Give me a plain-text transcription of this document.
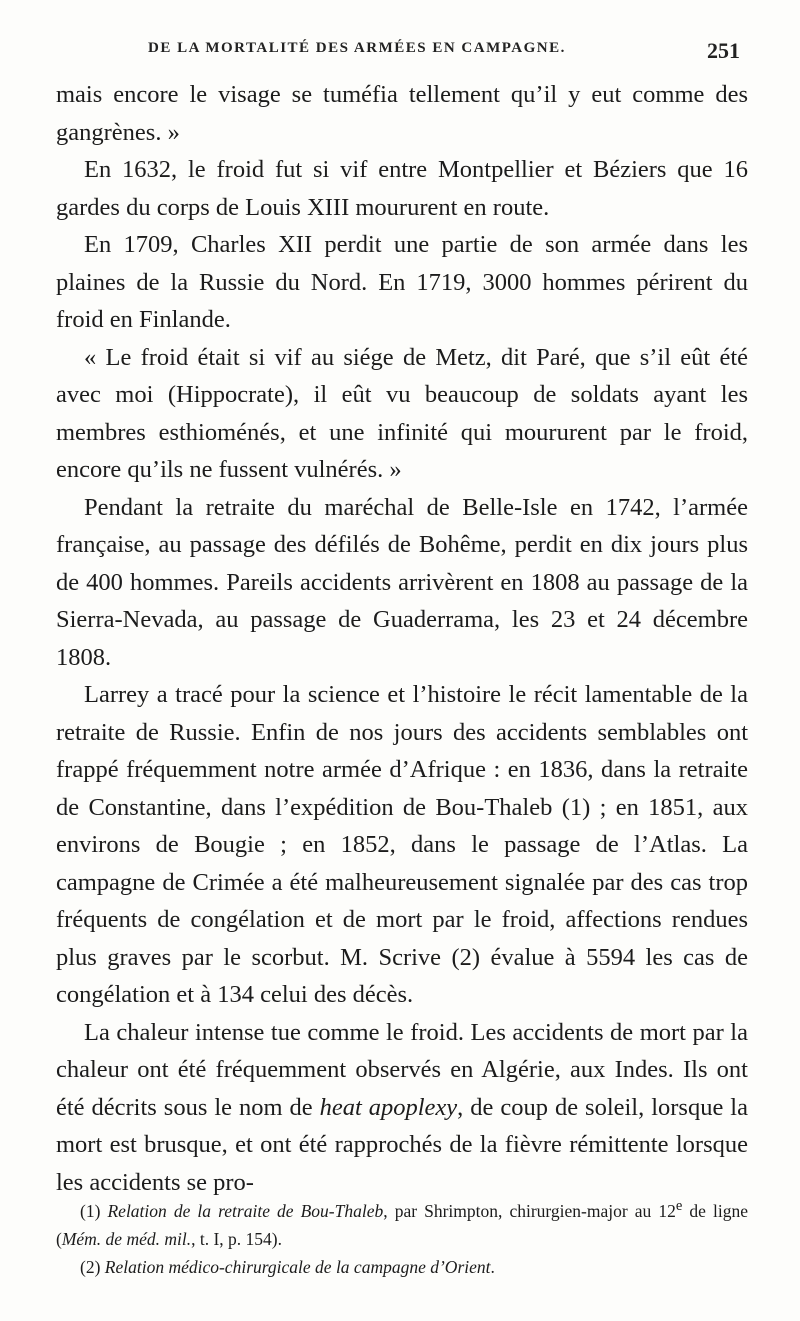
DE LA MORTALITÉ DES ARMÉES EN CAMPAGNE.	251

mais encore le visage se tuméfia tellement qu’il y eut comme des gangrènes. »

En 1632, le froid fut si vif entre Montpellier et Béziers que 16 gardes du corps de Louis XIII moururent en route.

En 1709, Charles XII perdit une partie de son armée dans les plaines de la Russie du Nord. En 1719, 3000 hommes périrent du froid en Finlande.

« Le froid était si vif au siége de Metz, dit Paré, que s’il eût été avec moi (Hippocrate), il eût vu beaucoup de soldats ayant les membres esthioménés, et une infinité qui moururent par le froid, encore qu’ils ne fussent vulnérés. »

Pendant la retraite du maréchal de Belle-Isle en 1742, l’armée française, au passage des défilés de Bohême, perdit en dix jours plus de 400 hommes. Pareils accidents arrivèrent en 1808 au passage de la Sierra-Nevada, au passage de Guaderrama, les 23 et 24 décembre 1808.

Larrey a tracé pour la science et l’histoire le récit lamentable de la retraite de Russie. Enfin de nos jours des accidents semblables ont frappé fréquemment notre armée d’Afrique : en 1836, dans la retraite de Constantine, dans l’expédition de Bou-Thaleb (1) ; en 1851, aux environs de Bougie ; en 1852, dans le passage de l’Atlas. La campagne de Crimée a été malheureusement signalée par des cas trop fréquents de congélation et de mort par le froid, affections rendues plus graves par le scorbut. M. Scrive (2) évalue à 5594 les cas de congélation et à 134 celui des décès.

La chaleur intense tue comme le froid. Les accidents de mort par la chaleur ont été fréquemment observés en Algérie, aux Indes. Ils ont été décrits sous le nom de heat apoplexy, de coup de soleil, lorsque la mort est brusque, et ont été rapprochés de la fièvre rémittente lorsque les accidents se pro-

(1) Relation de la retraite de Bou-Thaleb, par Shrimpton, chirurgien-major au 12e de ligne (Mém. de méd. mil., t. I, p. 154).

(2) Relation médico-chirurgicale de la campagne d’Orient.
